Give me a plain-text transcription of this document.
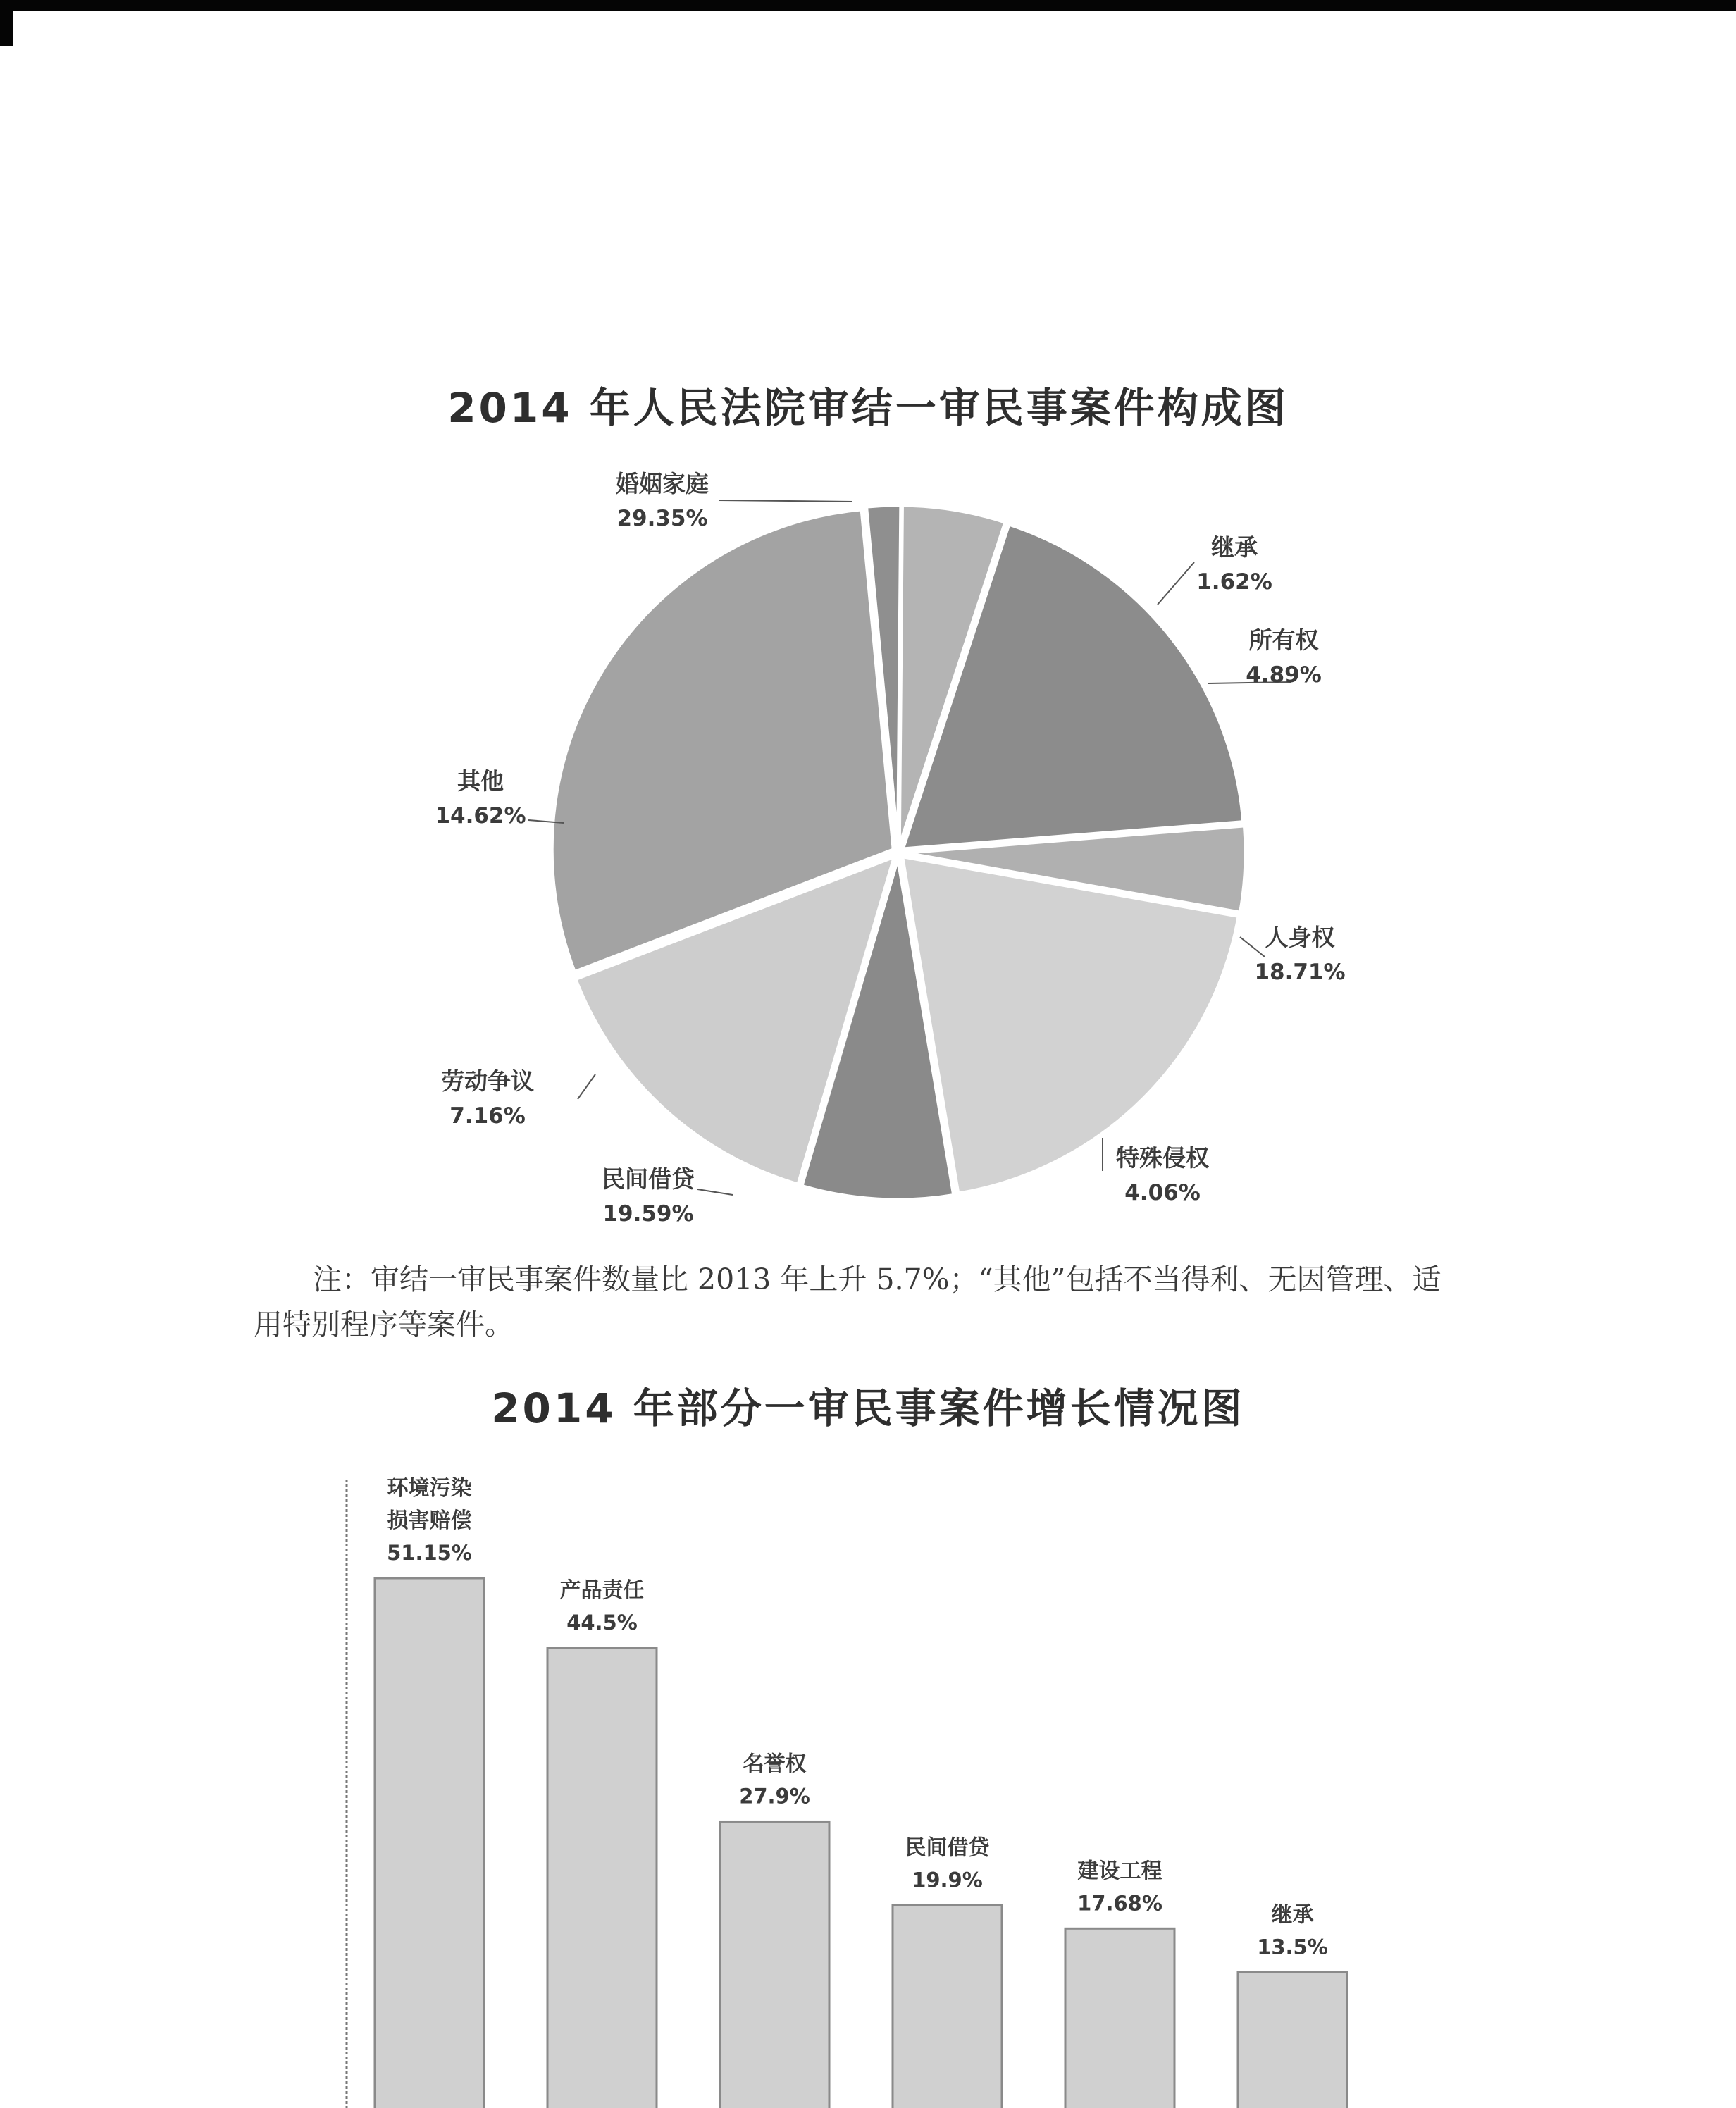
2014 年人民法院审结一审民事案件构成图
婚姻家庭
29.35%
继承
1.62%
所有权
4.89%
人身权
18.71%
特殊侵权
4.06%
民间借贷
19.59%
劳动争议
7.16%
其他
14.62%

注：审结一审民事案件数量比 2013 年上升 5.7%；“其他”包括不当得利、无因管理、适用特别程序等案件。

2014 年部分一审民事案件增长情况图
51.15%
损害赔偿
环境污染
44.5%
产品责任
27.9%
名誉权
19.9%
民间借贷
17.68%
建设工程
13.5%
继承
